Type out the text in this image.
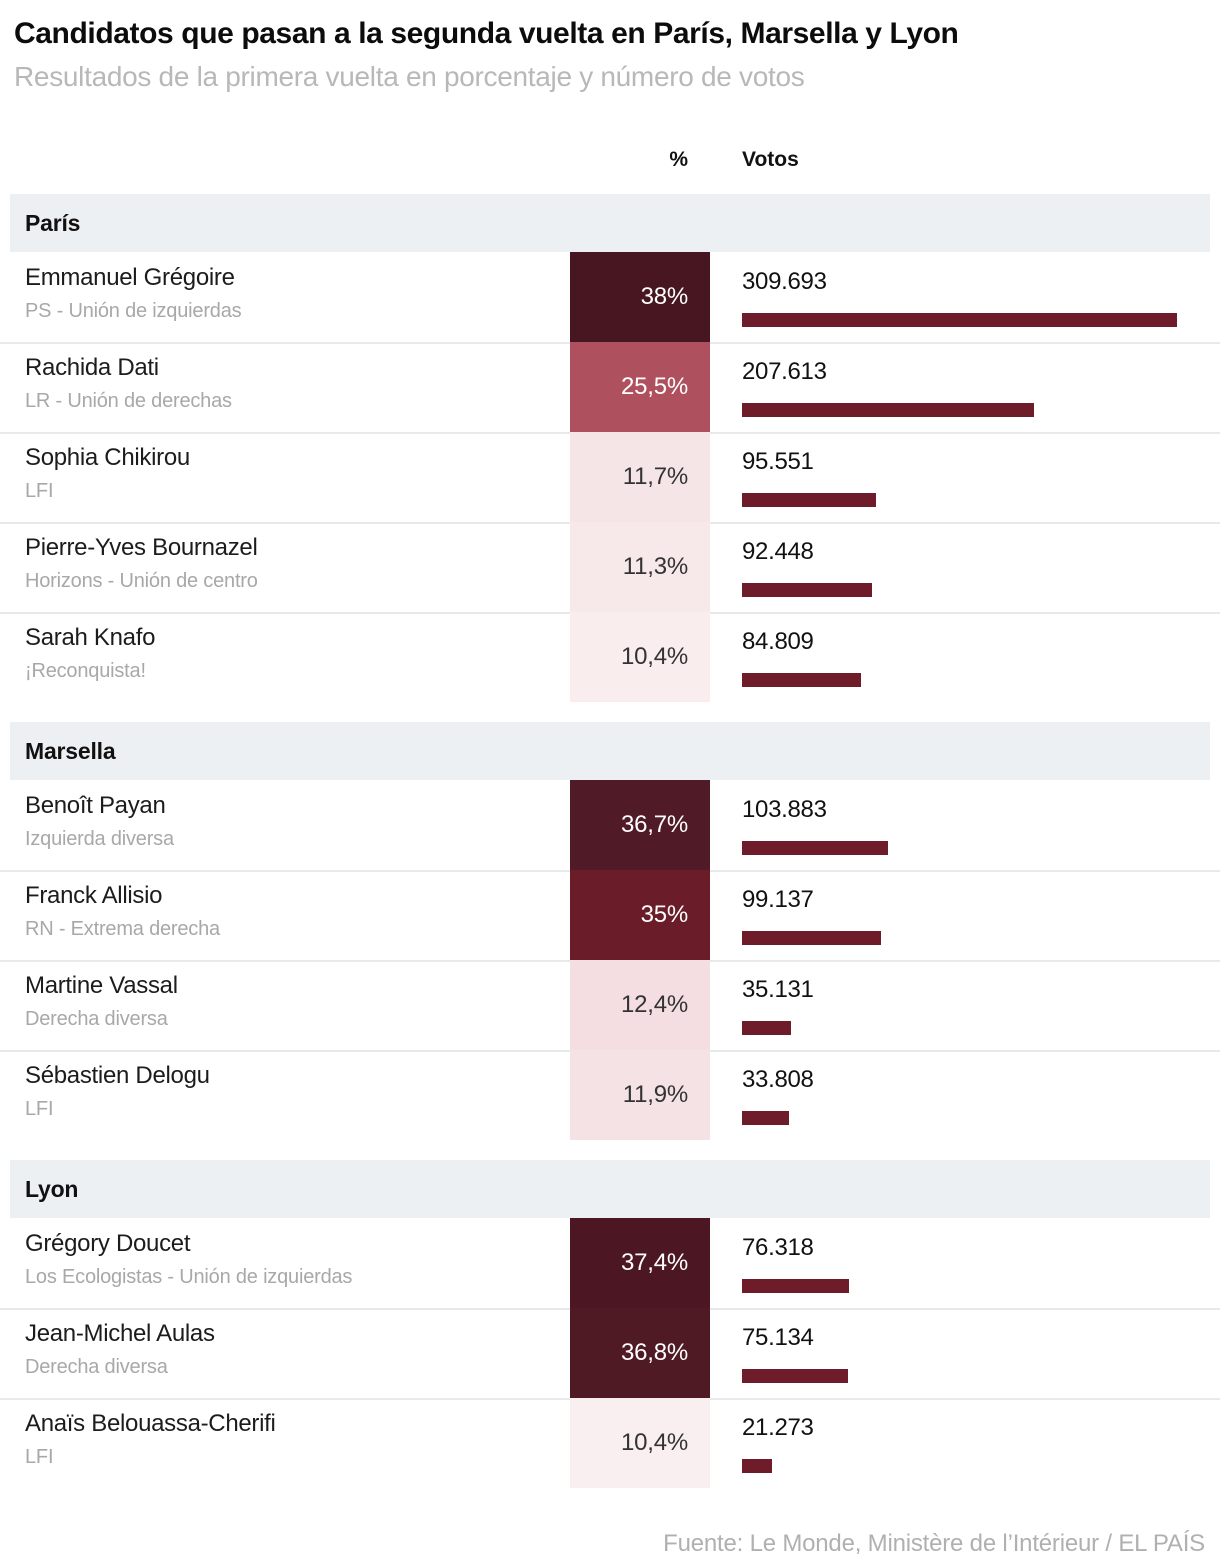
Candidatos que pasan a la segunda vuelta en París, Marsella y Lyon
Resultados de la primera vuelta en porcentaje y número de votos
%	Votos
París
Emmanuel Grégoire
PS - Unión de izquierdas
38%
309.693
Rachida Dati
LR - Unión de derechas
25,5%
207.613
Sophia Chikirou
LFI
11,7%
95.551
Pierre-Yves Bournazel
Horizons - Unión de centro
11,3%
92.448
Sarah Knafo
¡Reconquista!
10,4%
84.809
Marsella
Benoît Payan
Izquierda diversa
36,7%
103.883
Franck Allisio
RN - Extrema derecha
35%
99.137
Martine Vassal
Derecha diversa
12,4%
35.131
Sébastien Delogu
LFI
11,9%
33.808
Lyon
Grégory Doucet
Los Ecologistas - Unión de izquierdas
37,4%
76.318
Jean-Michel Aulas
Derecha diversa
36,8%
75.134
Anaïs Belouassa-Cherifi
LFI
10,4%
21.273
Fuente: Le Monde, Ministère de l’Intérieur / EL PAÍS
